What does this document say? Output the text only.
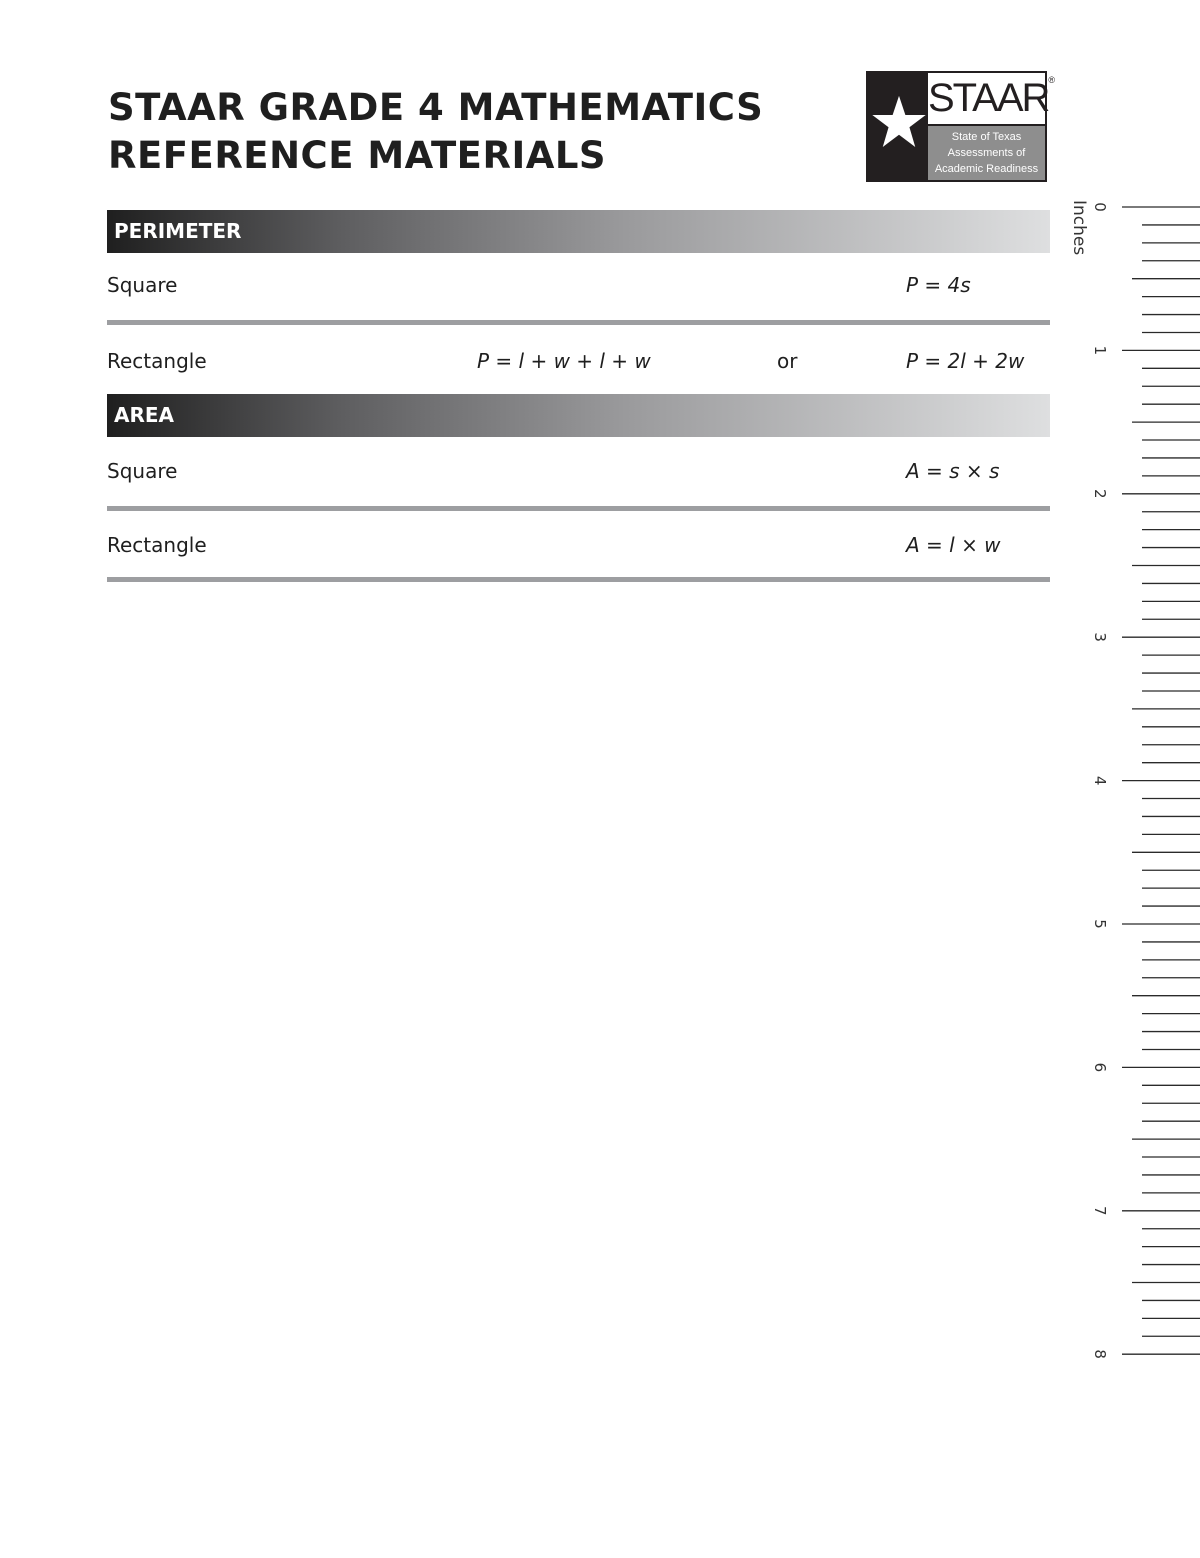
STAAR GRADE 4 MATHEMATICS
REFERENCE MATERIALS
STAAR®
State of Texas
Assessments of
Academic Readiness
PERIMETER
Square	P = 4s
Rectangle	P = l + w + l + w	or	P = 2l + 2w
AREA
Square	A = s × s
Rectangle	A = l × w
Inches 0
1
2
3
4
5
6
7
8
